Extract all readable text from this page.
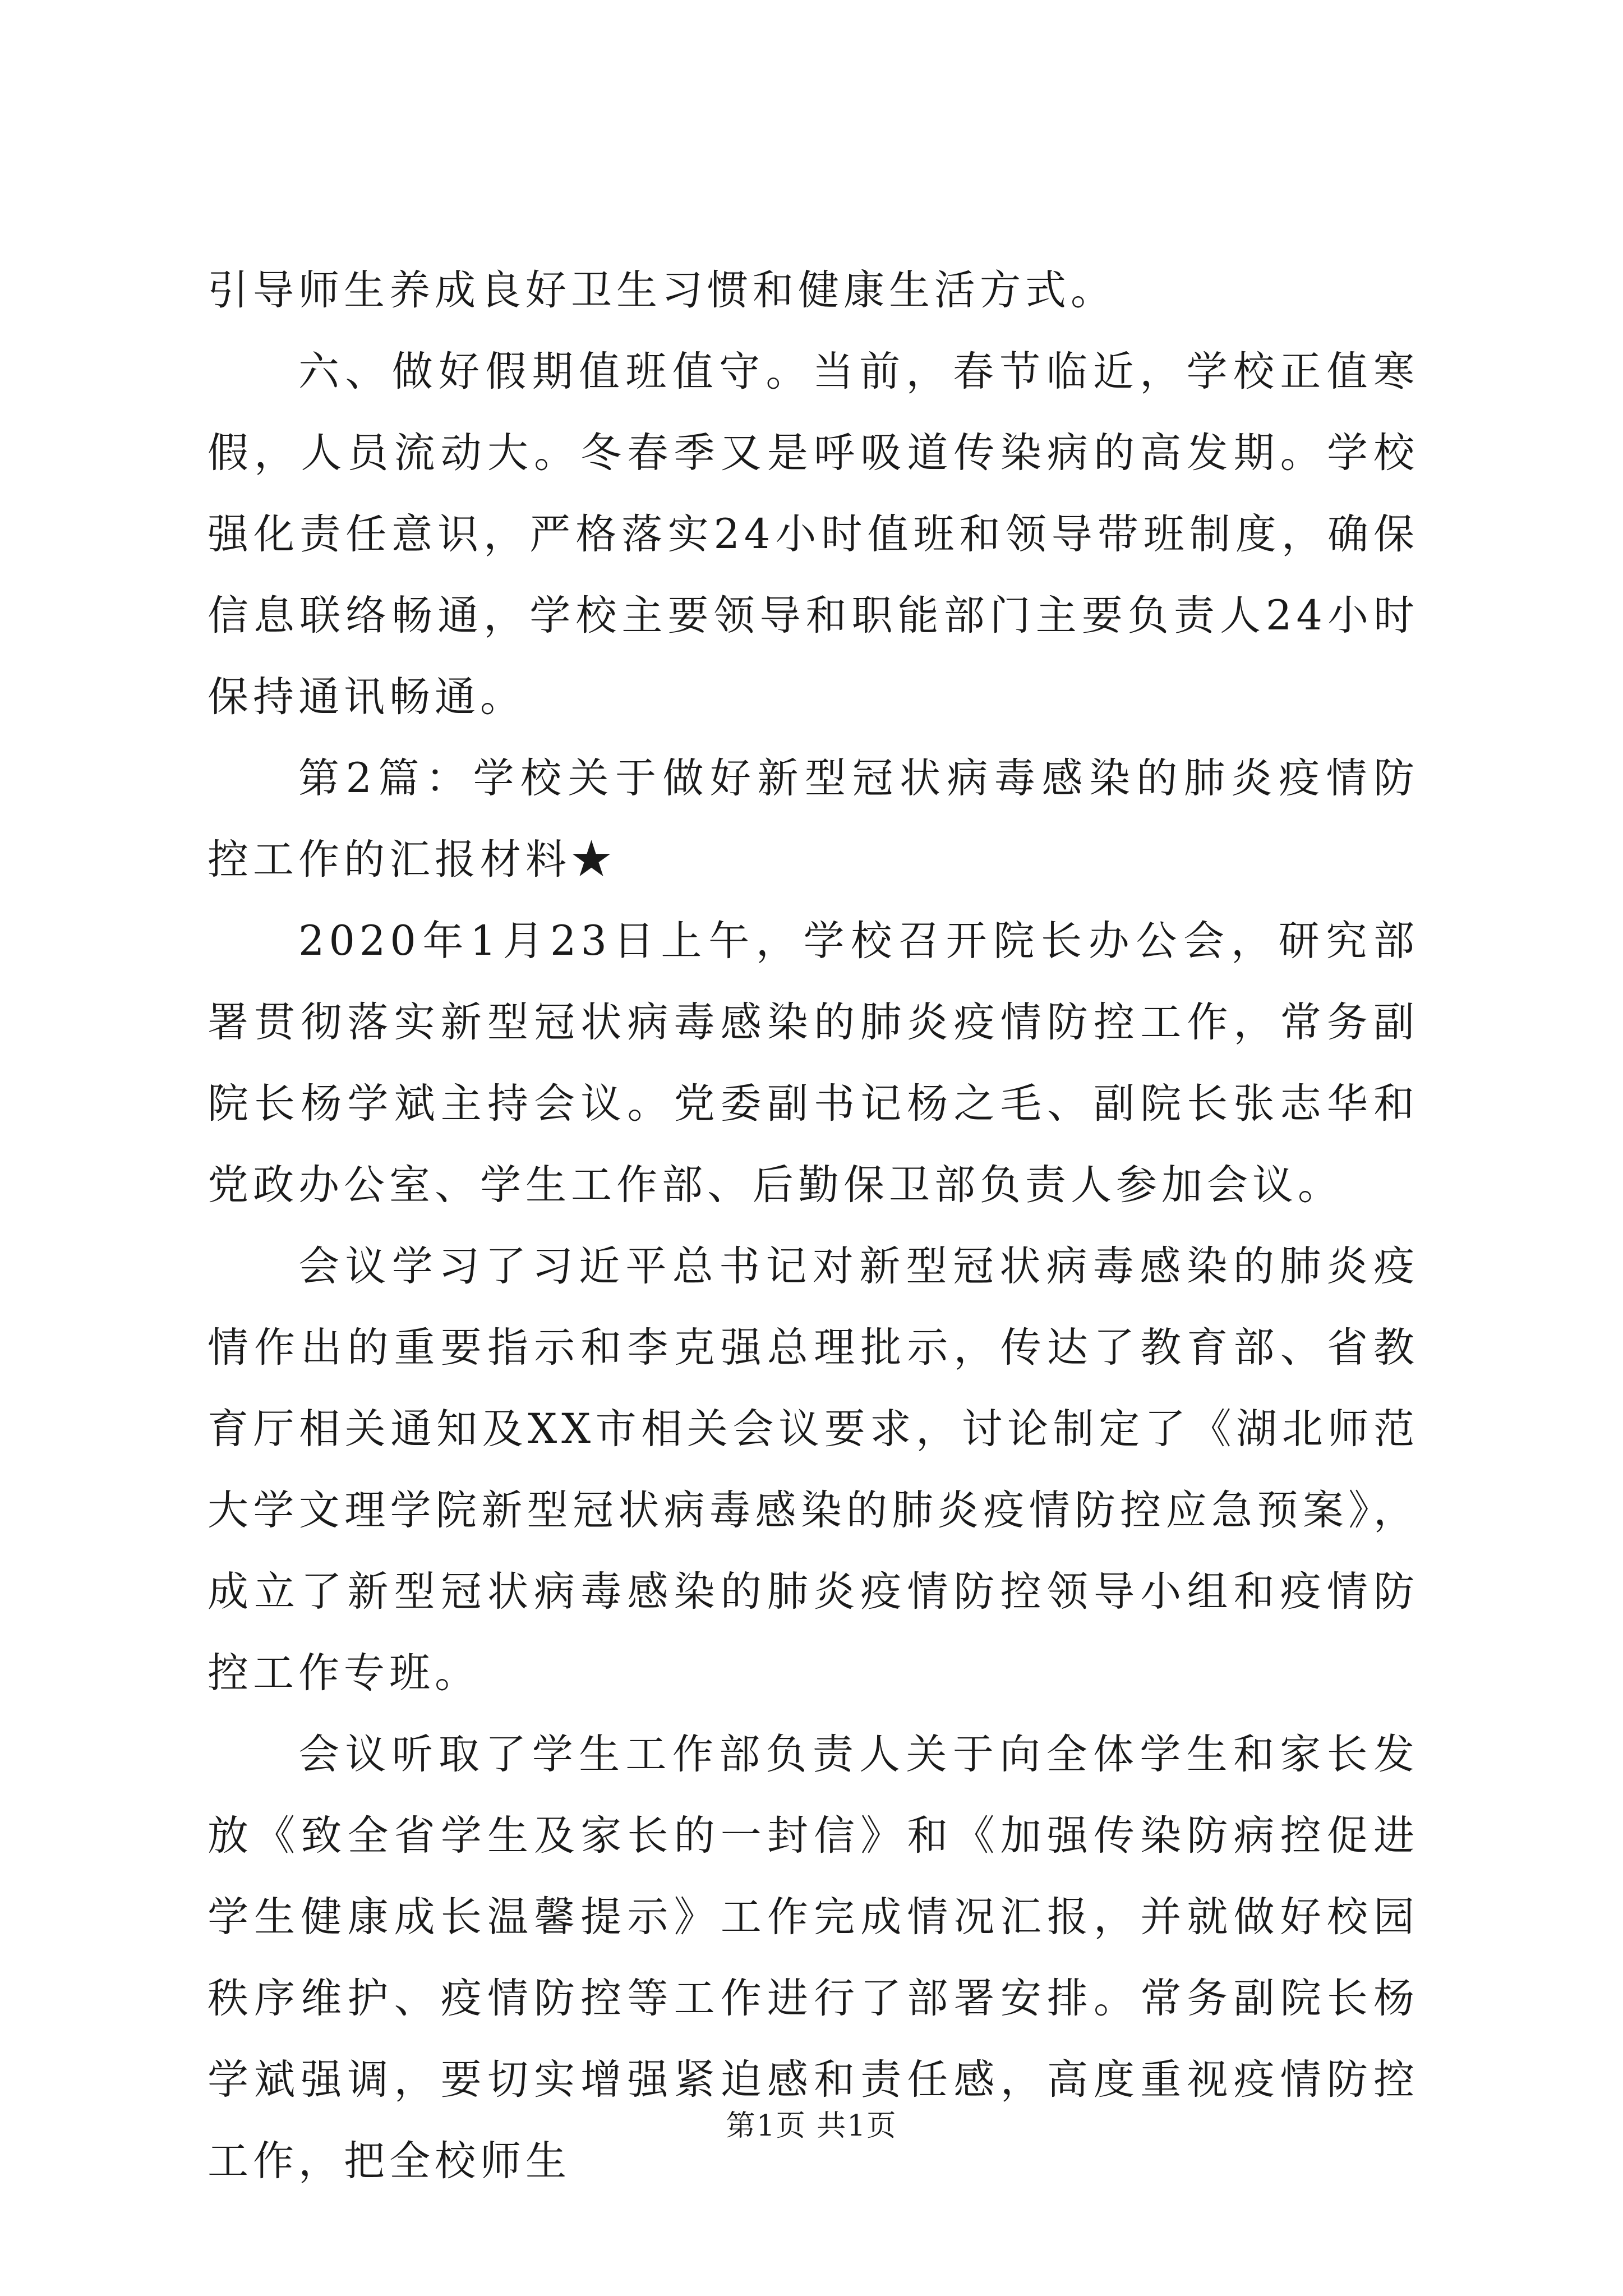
引导师生养成良好卫生习惯和健康生活方式。

六、做好假期值班值守。当前，春节临近，学校正值寒假，人员流动大。冬春季又是呼吸道传染病的高发期。学校强化责任意识，严格落实24小时值班和领导带班制度，确保信息联络畅通，学校主要领导和职能部门主要负责人24小时保持通讯畅通。

第2篇：学校关于做好新型冠状病毒感染的肺炎疫情防控工作的汇报材料★

2020年1月23日上午，学校召开院长办公会，研究部署贯彻落实新型冠状病毒感染的肺炎疫情防控工作，常务副院长杨学斌主持会议。党委副书记杨之毛、副院长张志华和党政办公室、学生工作部、后勤保卫部负责人参加会议。

会议学习了习近平总书记对新型冠状病毒感染的肺炎疫情作出的重要指示和李克强总理批示，传达了教育部、省教育厅相关通知及XX市相关会议要求，讨论制定了《湖北师范大学文理学院新型冠状病毒感染的肺炎疫情防控应急预案》，成立了新型冠状病毒感染的肺炎疫情防控领导小组和疫情防控工作专班。

会议听取了学生工作部负责人关于向全体学生和家长发放《致全省学生及家长的一封信》和《加强传染防病控促进学生健康成长温馨提示》工作完成情况汇报，并就做好校园秩序维护、疫情防控等工作进行了部署安排。常务副院长杨学斌强调，要切实增强紧迫感和责任感，高度重视疫情防控工作，把全校师生

第1页 共1页
